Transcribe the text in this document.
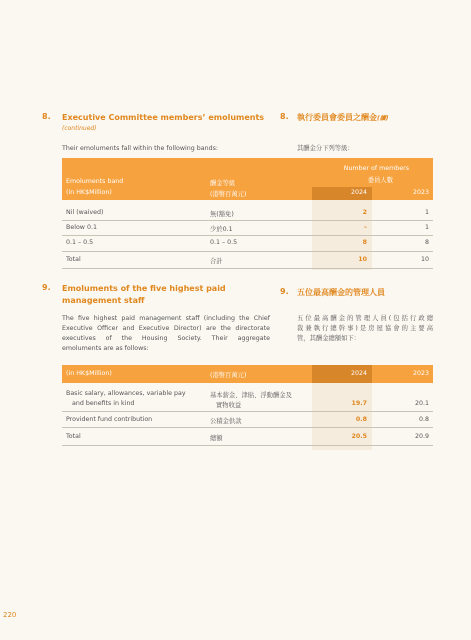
8. Executive Committee members’ emoluments
(continued)
8. 執行委員會委員之酬金(續)
Their emoluments fall within the following bands:	其酬金分下列等級：
Number of members
委員人數
Emoluments band	酬金等級
(in HK$Million)	(港幣百萬元)	2024	2023
Nil (waived)	無(豁免)	2	1
Below 0.1	少於0.1	–	1
0.1 – 0.5	0.1 – 0.5	8	8
Total	合計	10	10
9. Emoluments of the five highest paid
management staff
9. 五位最高酬金的管理人員
The five highest paid management staff (including the Chief
Executive Officer and Executive Director) are the directorate
executives of the Housing Society. Their aggregate
emoluments are as follows:
五位最高酬金的管理人員(包括行政總
裁兼執行總幹事)是房屋協會的主要高
管，其酬金總額如下：
(in HK$Million)	(港幣百萬元)	2024	2023
Basic salary, allowances, variable pay
and benefits in kind
基本薪金、津貼、浮動酬金及
實物收益	19.7	20.1
Provident fund contribution	公積金供款	0.8	0.8
Total	總額	20.5	20.9
220
